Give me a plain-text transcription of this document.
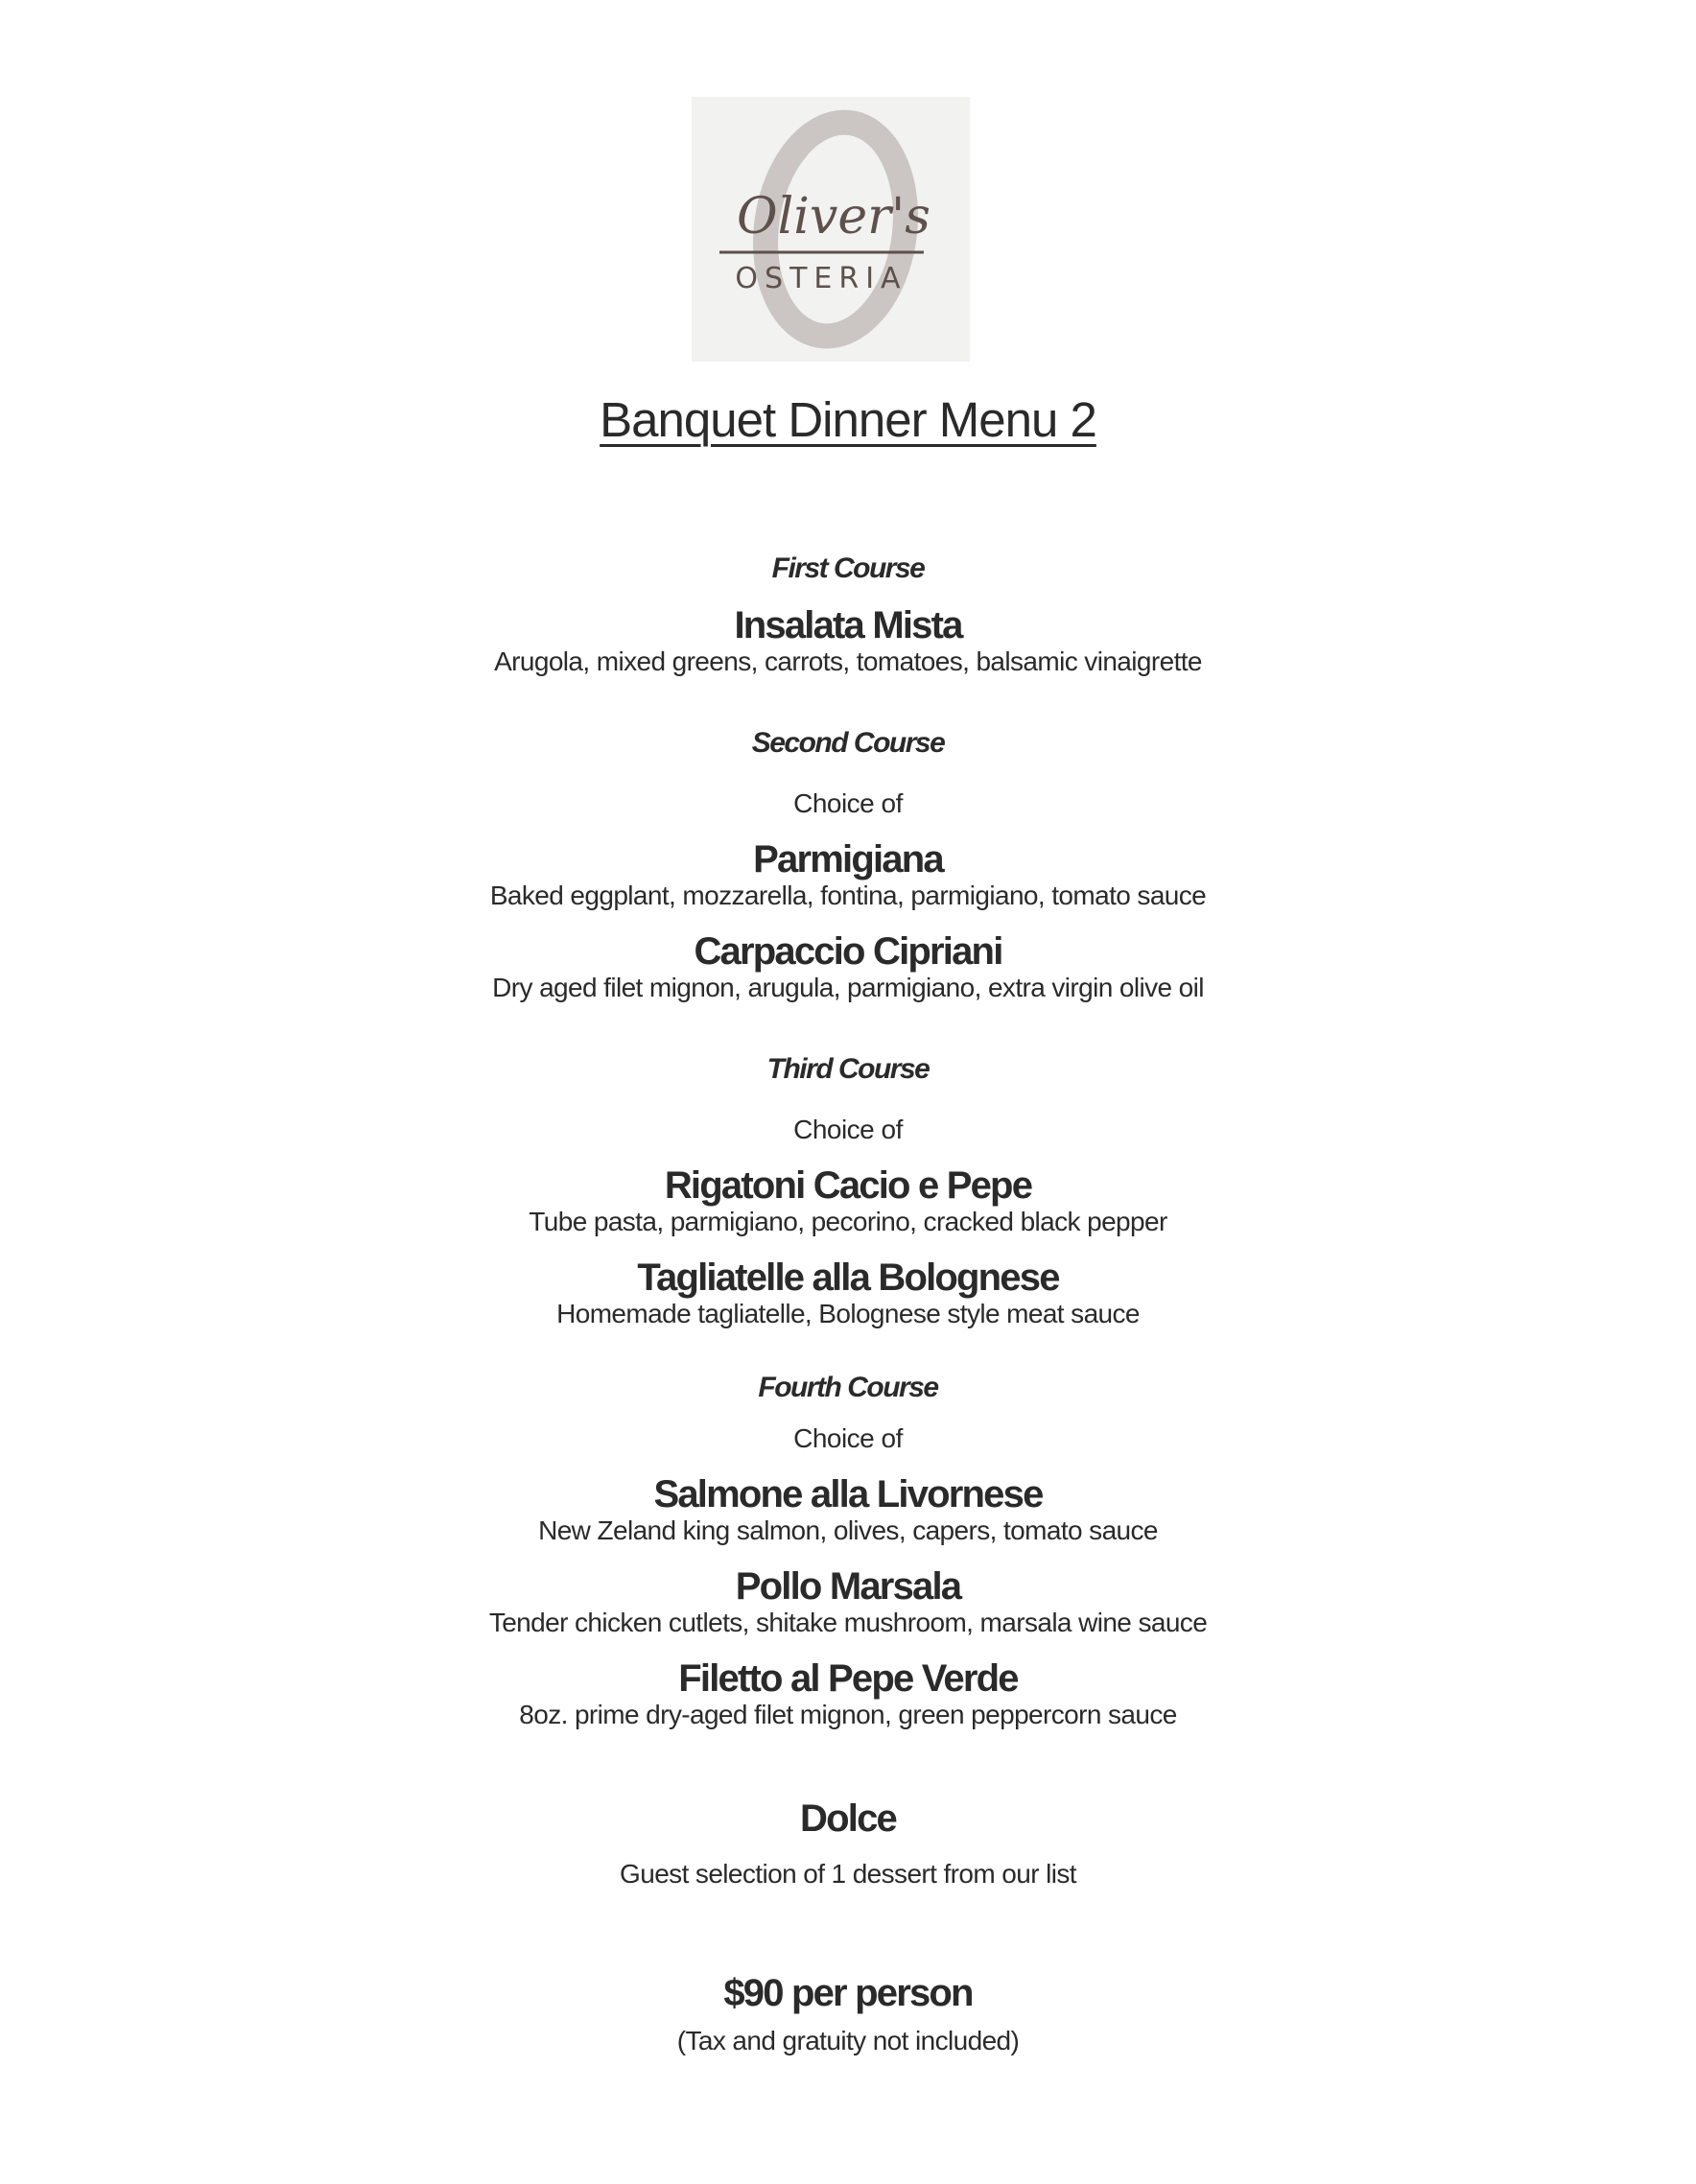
Oliver's
OSTERIA
Banquet Dinner Menu 2
First Course
Insalata Mista
Arugola, mixed greens, carrots, tomatoes, balsamic vinaigrette
Second Course
Choice of
Parmigiana
Baked eggplant, mozzarella, fontina, parmigiano, tomato sauce
Carpaccio Cipriani
Dry aged filet mignon, arugula, parmigiano, extra virgin olive oil
Third Course
Choice of
Rigatoni Cacio e Pepe
Tube pasta, parmigiano, pecorino, cracked black pepper
Tagliatelle alla Bolognese
Homemade tagliatelle, Bolognese style meat sauce
Fourth Course
Choice of
Salmone alla Livornese
New Zeland king salmon, olives, capers, tomato sauce
Pollo Marsala
Tender chicken cutlets, shitake mushroom, marsala wine sauce
Filetto al Pepe Verde
8oz. prime dry-aged filet mignon, green peppercorn sauce
Dolce
Guest selection of 1 dessert from our list
$90 per person
(Tax and gratuity not included)
